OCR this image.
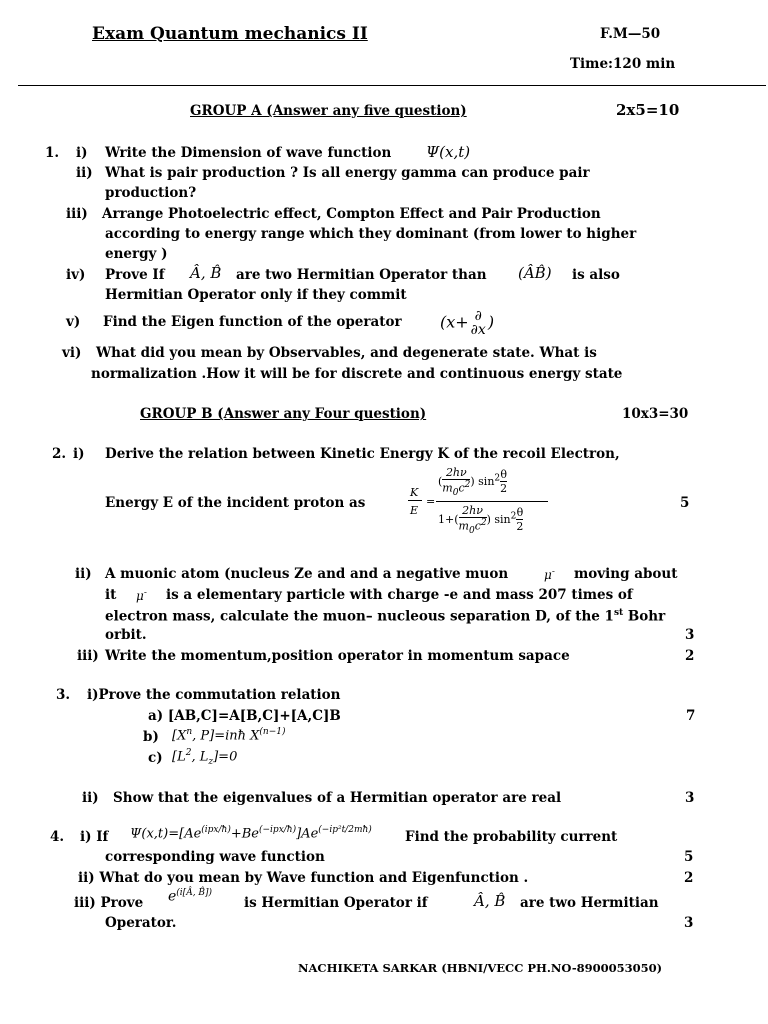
Exam Quantum mechanics II	F.M—50
Time:120 min
GROUP A (Answer any five question)	2x5=10
1. i) Write the Dimension of wave function Ψ(x,t)
ii) What is pair production ? Is all energy gamma can produce pair
production?
iii) Arrange Photoelectric effect, Compton Effect and Pair Production
according to energy range which they dominant (from lower to higher
energy )
iv) Prove If Â, B̂ are two Hermitian Operator than (ÂB̂) is also
Hermitian Operator only if they commit
v) Find the Eigen function of the operator (x+ ∂
∂x )
vi) What did you mean by Observables, and degenerate state. What is
normalization .How it will be for discrete and continuous energy state
GROUP B (Answer any Four question)	10x3=30
2. i) Derive the relation between Kinetic Energy K of the recoil Electron,
Energy E of the incident proton as
K
E
=
( $\frac{2h\nu}{m_0c^2}$ ) $\sin^2 \frac{\theta}{2}$
$1+( \frac{2h\nu}{m_0c^2}$ ) $\sin^2 \frac{\theta}{2}$
5
ii) A muonic atom (nucleus Ze and and a negative muon	μ- moving about
it μ- is a elementary particle with charge -e and mass 207 times of
electron mass, calculate the muon– nucleous separation D, of the 1st Bohr
orbit.	3
iii) Write the momentum,position operator in momentum sapace	2
3. i)Prove the commutation relation
a) [AB,C]=A[B,C]+[A,C]B	7
b) [$X^n$, P]=inħ $X^{(n-1)}$
c) [$L^2$, $L_z]=0$
ii) Show that the eigenvalues of a Hermitian operator are real	3
4. i) If $\Psi(x,t)=[Ae^{(ipx/ħ)}+Be^{(-ipx/ħ)}]Ae^{(-ip^2t/2mħ)}$ Find the probability current
corresponding wave function	5
ii) What do you mean by Wave function and Eigenfunction .	2
iii) Prove $e^{(i[Â, B̂])}$
is Hermitian Operator if	Â, B̂ are two Hermitian
Operator.	3
NACHIKETA SARKAR (HBNI/VECC PH.NO-8900053050)
